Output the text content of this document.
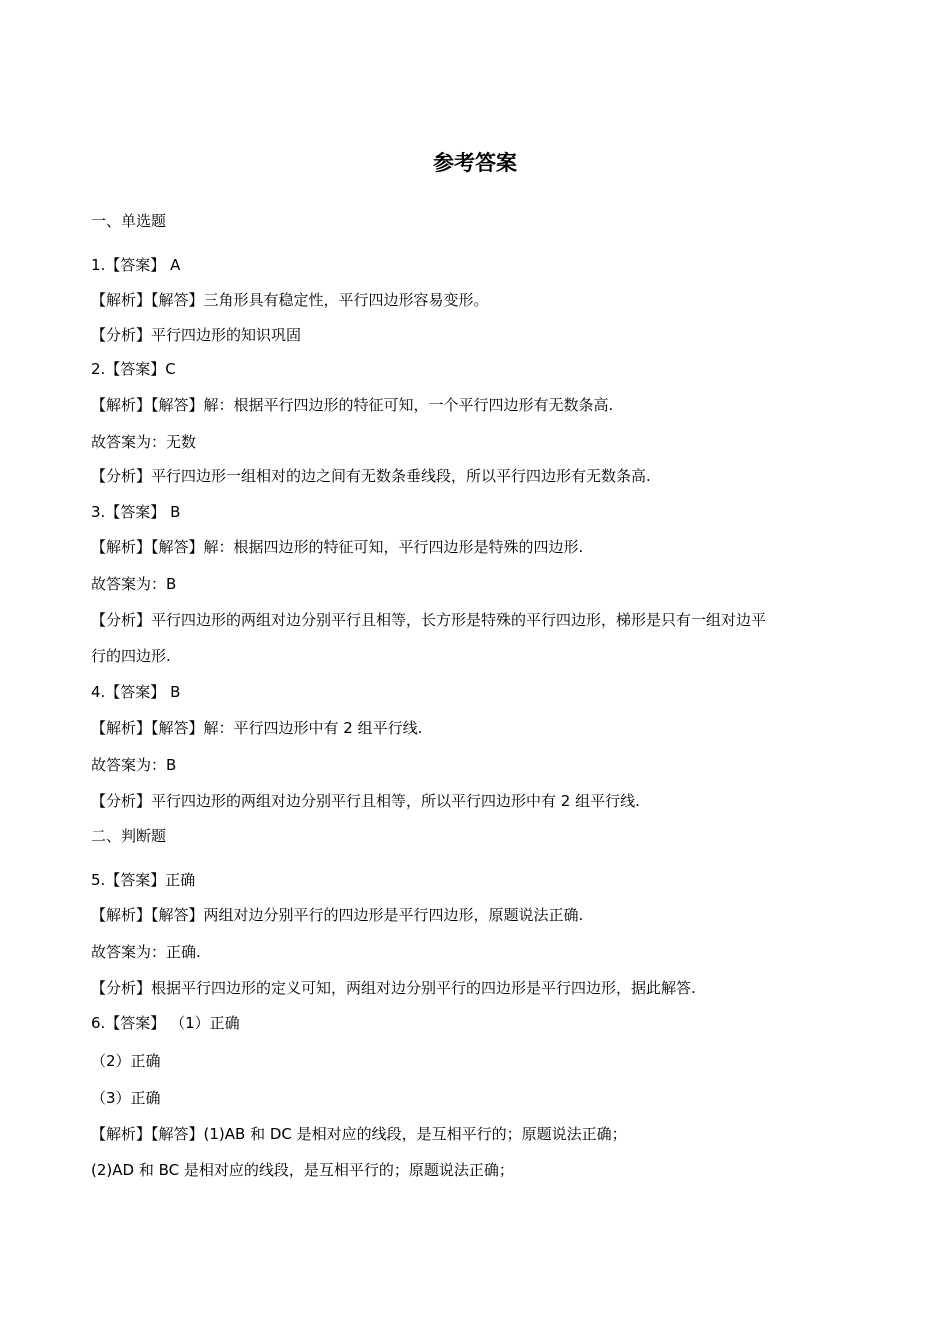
参考答案
一、单选题
1.【答案】 A
【解析】【解答】三角形具有稳定性，平行四边形容易变形。
【分析】平行四边形的知识巩固
2.【答案】C
【解析】【解答】解：根据平行四边形的特征可知，一个平行四边形有无数条高.
故答案为：无数
【分析】平行四边形一组相对的边之间有无数条垂线段，所以平行四边形有无数条高.
3.【答案】 B
【解析】【解答】解：根据四边形的特征可知，平行四边形是特殊的四边形.
故答案为：B
【分析】平行四边形的两组对边分别平行且相等，长方形是特殊的平行四边形，梯形是只有一组对边平
行的四边形.
4.【答案】 B
【解析】【解答】解：平行四边形中有 2 组平行线.
故答案为：B
【分析】平行四边形的两组对边分别平行且相等，所以平行四边形中有 2 组平行线.
二、判断题
5.【答案】正确
【解析】【解答】两组对边分别平行的四边形是平行四边形，原题说法正确.
故答案为：正确.
【分析】根据平行四边形的定义可知，两组对边分别平行的四边形是平行四边形，据此解答.
6.【答案】 （1）正确
（2）正确
（3）正确
【解析】【解答】(1)AB 和 DC 是相对应的线段，是互相平行的；原题说法正确；
(2)AD 和 BC 是相对应的线段，是互相平行的；原题说法正确；
